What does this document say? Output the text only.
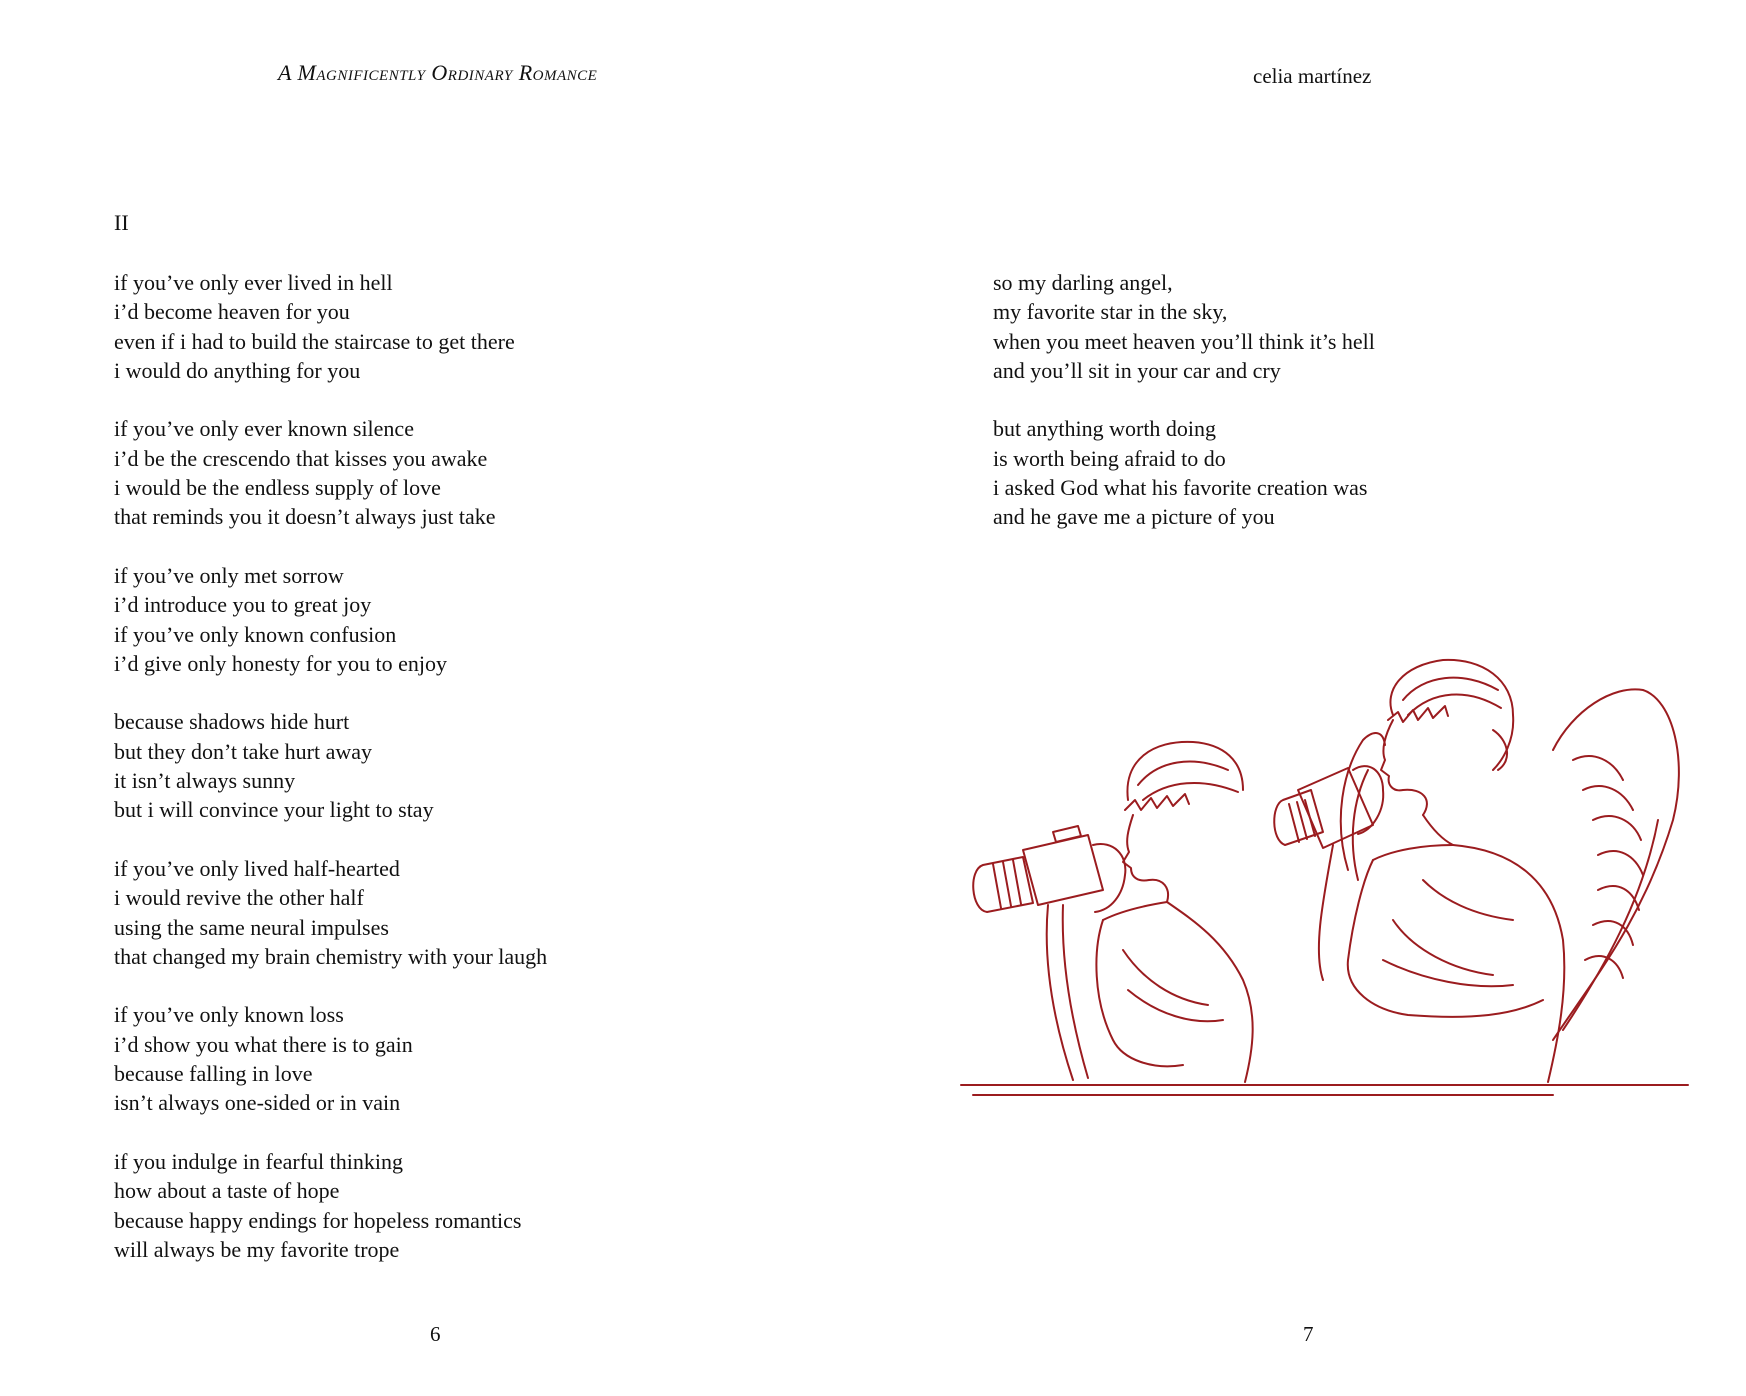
A Magnificently Ordinary Romance
II
if you’ve only ever lived in hell
i’d become heaven for you
even if i had to build the staircase to get there
i would do anything for you
if you’ve only ever known silence
i’d be the crescendo that kisses you awake
i would be the endless supply of love
that reminds you it doesn’t always just take
if you’ve only met sorrow
i’d introduce you to great joy
if you’ve only known confusion
i’d give only honesty for you to enjoy
because shadows hide hurt
but they don’t take hurt away
it isn’t always sunny
but i will convince your light to stay
if you’ve only lived half-hearted
i would revive the other half
using the same neural impulses
that changed my brain chemistry with your laugh
if you’ve only known loss
i’d show you what there is to gain
because falling in love
isn’t always one-sided or in vain
if you indulge in fearful thinking
how about a taste of hope
because happy endings for hopeless romantics
will always be my favorite trope
6
celia martínez
so my darling angel,
my favorite star in the sky,
when you meet heaven you’ll think it’s hell
and you’ll sit in your car and cry
but anything worth doing
is worth being afraid to do
i asked God what his favorite creation was
and he gave me a picture of you
7
